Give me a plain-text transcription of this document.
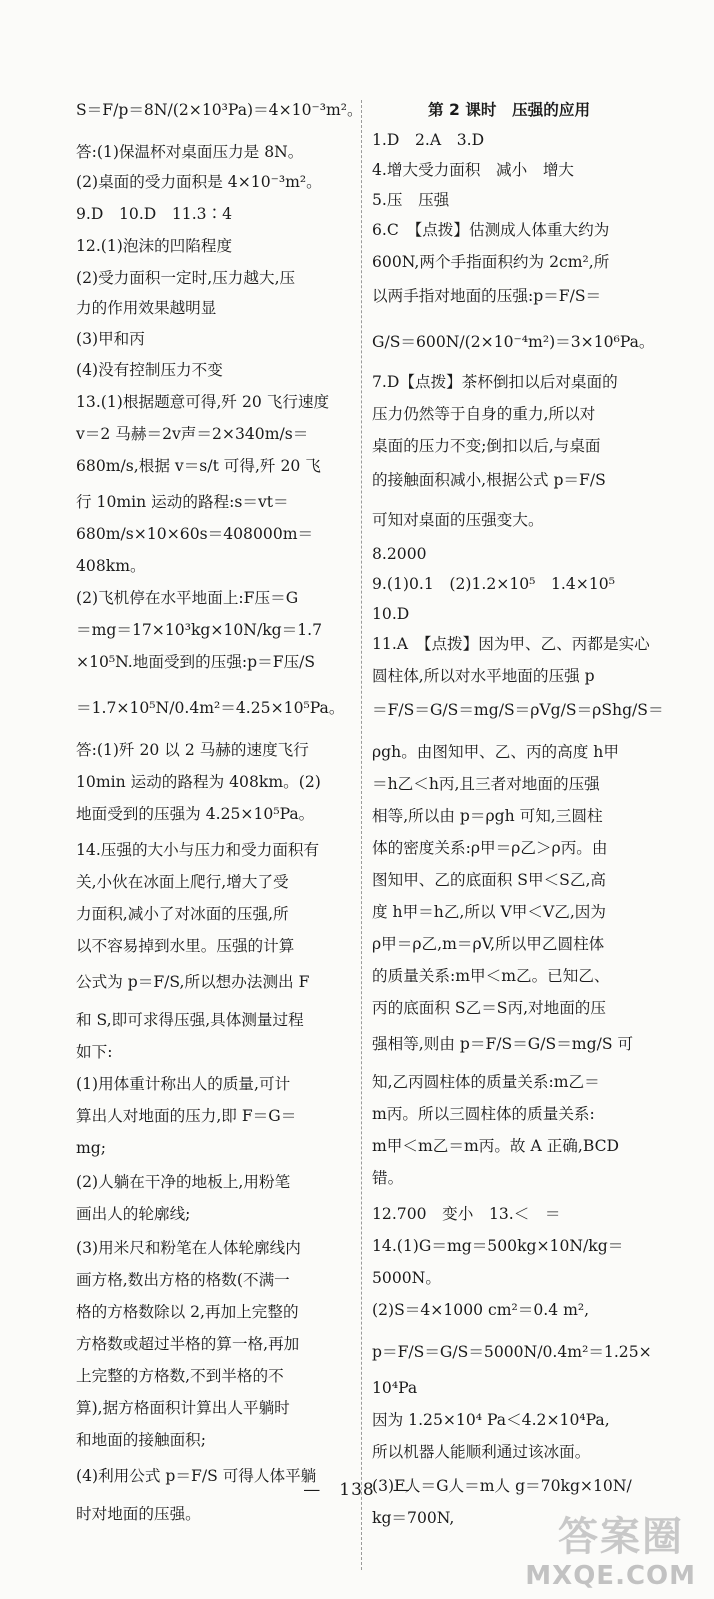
S＝F/p＝8N/(2×10³Pa)＝4×10⁻³m²。
答:(1)保温杯对桌面压力是 8N。
(2)桌面的受力面积是 4×10⁻³m²。
9.D　10.D　11.3∶4
12.(1)泡沫的凹陷程度
(2)受力面积一定时,压力越大,压
力的作用效果越明显
(3)甲和丙
(4)没有控制压力不变
13.(1)根据题意可得,歼 20 飞行速度
v＝2 马赫＝2v声＝2×340m/s＝
680m/s,根据 v＝s/t 可得,歼 20 飞
行 10min 运动的路程:s＝vt＝
680m/s×10×60s＝408000m＝
408km。
(2)飞机停在水平地面上:F压＝G
＝mg＝17×10³kg×10N/kg＝1.7
×10⁵N.地面受到的压强:p＝F压/S
＝1.7×10⁵N/0.4m²＝4.25×10⁵Pa。
答:(1)歼 20 以 2 马赫的速度飞行
10min 运动的路程为 408km。(2)
地面受到的压强为 4.25×10⁵Pa。
14.压强的大小与压力和受力面积有
关,小伙在冰面上爬行,增大了受
力面积,减小了对冰面的压强,所
以不容易掉到水里。压强的计算
公式为 p＝F/S,所以想办法测出 F
和 S,即可求得压强,具体测量过程
如下:
(1)用体重计称出人的质量,可计
算出人对地面的压力,即 F＝G＝
mg;
(2)人躺在干净的地板上,用粉笔
画出人的轮廓线;
(3)用米尺和粉笔在人体轮廓线内
画方格,数出方格的格数(不满一
格的方格数除以 2,再加上完整的
方格数或超过半格的算一格,再加
上完整的方格数,不到半格的不
算),据方格面积计算出人平躺时
和地面的接触面积;
(4)利用公式 p＝F/S 可得人体平躺
时对地面的压强。
第 2 课时　压强的应用
1.D　2.A　3.D
4.增大受力面积　减小　增大
5.压　压强
6.C　【点拨】估测成人体重大约为
600N,两个手指面积约为 2cm²,所
以两手指对地面的压强:p＝F/S＝
G/S＝600N/(2×10⁻⁴m²)＝3×10⁶Pa。
7.D【点拨】茶杯倒扣以后对桌面的
压力仍然等于自身的重力,所以对
桌面的压力不变;倒扣以后,与桌面
的接触面积减小,根据公式 p＝F/S
可知对桌面的压强变大。
8.2000
9.(1)0.1　(2)1.2×10⁵　1.4×10⁵
10.D
11.A　【点拨】因为甲、乙、丙都是实心
圆柱体,所以对水平地面的压强 p
＝F/S＝G/S＝mg/S＝ρVg/S＝ρShg/S＝
ρgh。由图知甲、乙、丙的高度 h甲
＝h乙＜h丙,且三者对地面的压强
相等,所以由 p＝ρgh 可知,三圆柱
体的密度关系:ρ甲＝ρ乙＞ρ丙。由
图知甲、乙的底面积 S甲＜S乙,高
度 h甲＝h乙,所以 V甲＜V乙,因为
ρ甲＝ρ乙,m＝ρV,所以甲乙圆柱体
的质量关系:m甲＜m乙。已知乙、
丙的底面积 S乙＝S丙,对地面的压
强相等,则由 p＝F/S＝G/S＝mg/S 可
知,乙丙圆柱体的质量关系:m乙＝
m丙。所以三圆柱体的质量关系:
m甲＜m乙＝m丙。故 A 正确,BCD
错。
12.700　变小　13.＜　＝
14.(1)G＝mg＝500kg×10N/kg＝
5000N。
(2)S＝4×1000 cm²＝0.4 m²,
p＝F/S＝G/S＝5000N/0.4m²＝1.25×
10⁴Pa
因为 1.25×10⁴ Pa＜4.2×10⁴Pa,
所以机器人能顺利通过该冰面。
(3)F人＝G人＝m人 g＝70kg×10N/
kg＝700N,
—　138　—
答案圈
MXQE.COM
